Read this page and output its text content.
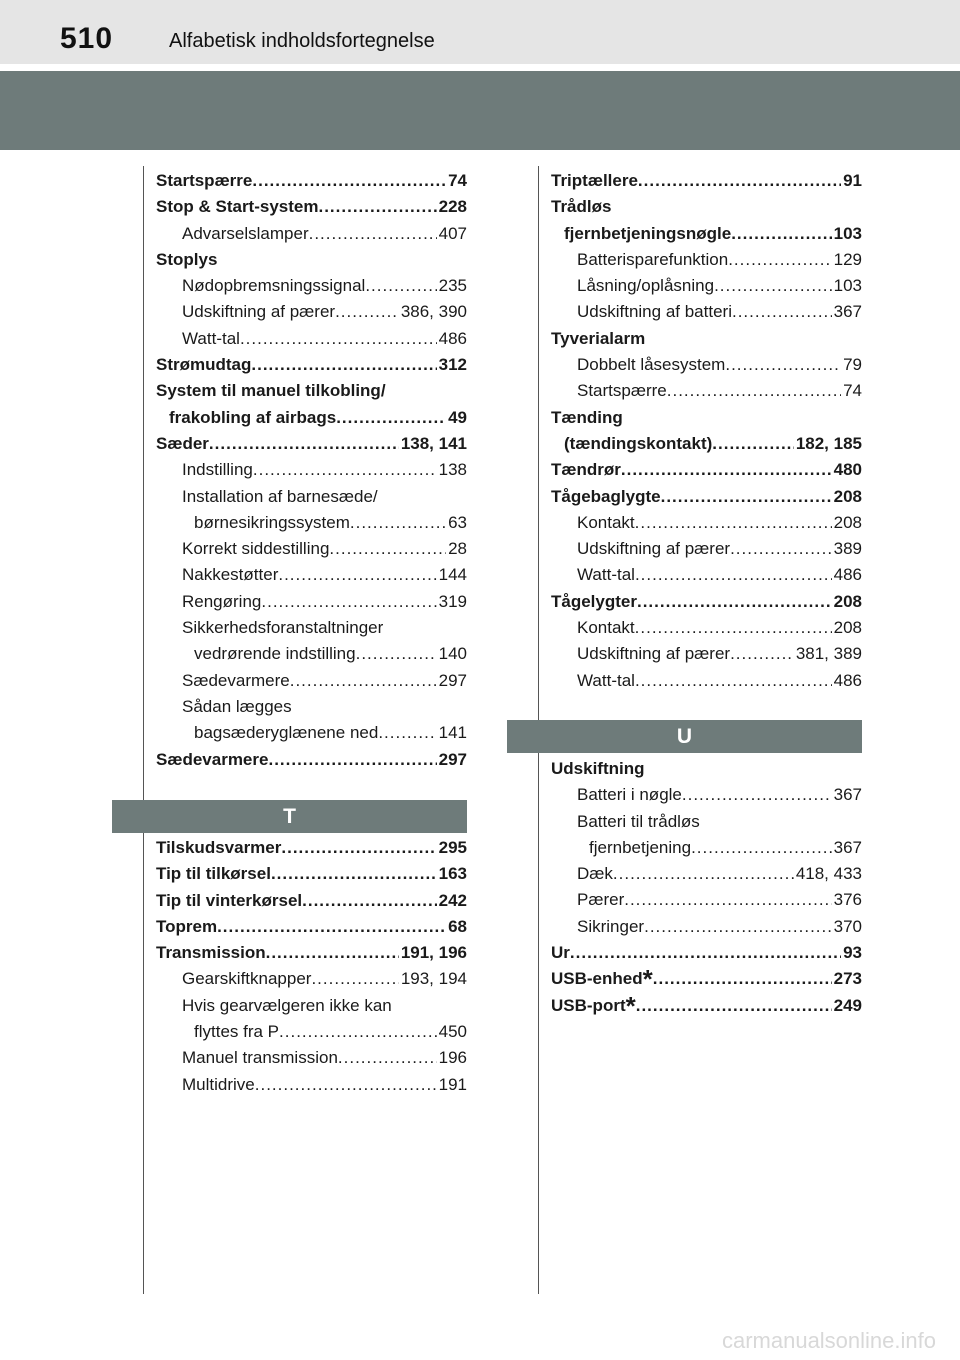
510	Alfabetisk indholdsfortegnelse
Startspærre .....	74
Stop & Start-system .....	228
Advarselslamper .....	407
Stoplys
Nødopbremsningssignal .....	235
Udskiftning af pærer .....	386, 390
Watt-tal .....	486
Strømudtag .....	312
System til manuel tilkobling/
frakobling af airbags .....	49
Sæder .....	138, 141
Indstilling .....	138
Installation af barnesæde/
børnesikringssystem .....	63
Korrekt siddestilling .....	28
Nakkestøtter .....	144
Rengøring .....	319
Sikkerhedsforanstaltninger
vedrørende indstilling .....	140
Sædevarmere .....	297
Sådan lægges
bagsæderyglænene ned .....	141
Sædevarmere .....	297
T
Tilskudsvarmer .....	295
Tip til tilkørsel .....	163
Tip til vinterkørsel .....	242
Toprem .....	68
Transmission .....	191, 196
Gearskiftknapper .....	193, 194
Hvis gearvælgeren ikke kan
flyttes fra P .....	450
Manuel transmission .....	196
Multidrive .....	191
Triptællere .....	91
Trådløs
fjernbetjeningsnøgle .....	103
Batterisparefunktion .....	129
Låsning/oplåsning .....	103
Udskiftning af batteri .....	367
Tyverialarm
Dobbelt låsesystem .....	79
Startspærre .....	74
Tænding
(tændingskontakt) .....	182, 185
Tændrør .....	480
Tågebaglygte .....	208
Kontakt .....	208
Udskiftning af pærer .....	389
Watt-tal .....	486
Tågelygter .....	208
Kontakt .....	208
Udskiftning af pærer .....	381, 389
Watt-tal .....	486
U
Udskiftning
Batteri i nøgle .....	367
Batteri til trådløs
fjernbetjening .....	367
Dæk .....	418, 433
Pærer .....	376
Sikringer .....	370
Ur .....	93
USB-enhed* .....	273
USB-port* .....	249
carmanualsonline.info
